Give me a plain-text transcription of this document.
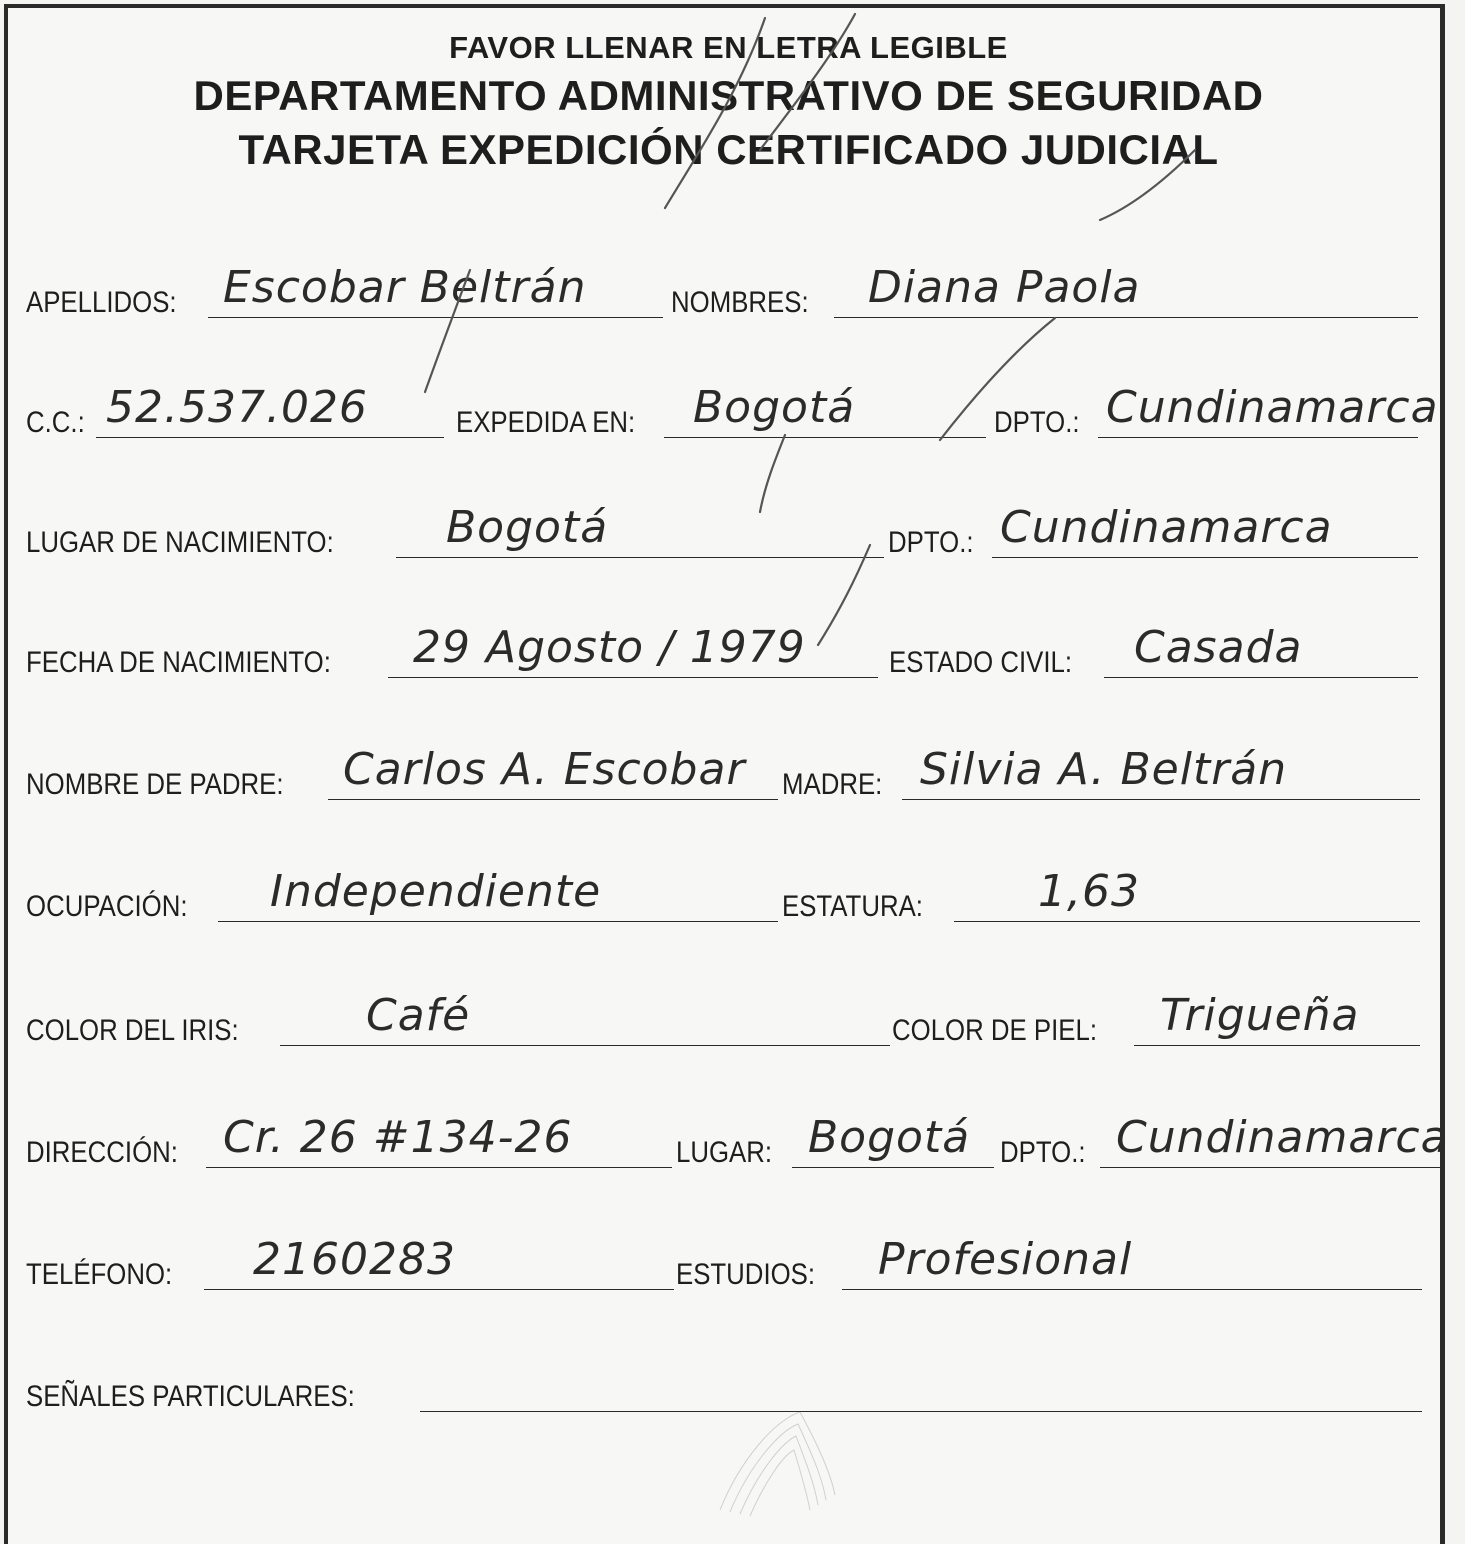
FAVOR LLENAR EN LETRA LEGIBLE
DEPARTAMENTO ADMINISTRATIVO DE SEGURIDAD
TARJETA EXPEDICIÓN CERTIFICADO JUDICIAL
APELLIDOS: Escobar Beltrán	NOMBRES: Diana Paola
C.C.: 52.537.026	EXPEDIDA EN: Bogotá	DPTO.: Cundinamarca
LUGAR DE NACIMIENTO:	Bogotá	DPTO.: Cundinamarca
FECHA DE NACIMIENTO: 29 Agosto / 1979	ESTADO CIVIL: Casada
NOMBRE DE PADRE: Carlos A. Escobar MADRE: Silvia A. Beltrán
OCUPACIÓN: Independiente	ESTATURA:	1,63
COLOR DEL IRIS:	Café	COLOR DE PIEL: Trigueña
DIRECCIÓN: Cr. 26 #134-26	LUGAR: Bogotá DPTO.: Cundinamarca
TELÉFONO: 2160283	ESTUDIOS: Profesional
SEÑALES PARTICULARES:
